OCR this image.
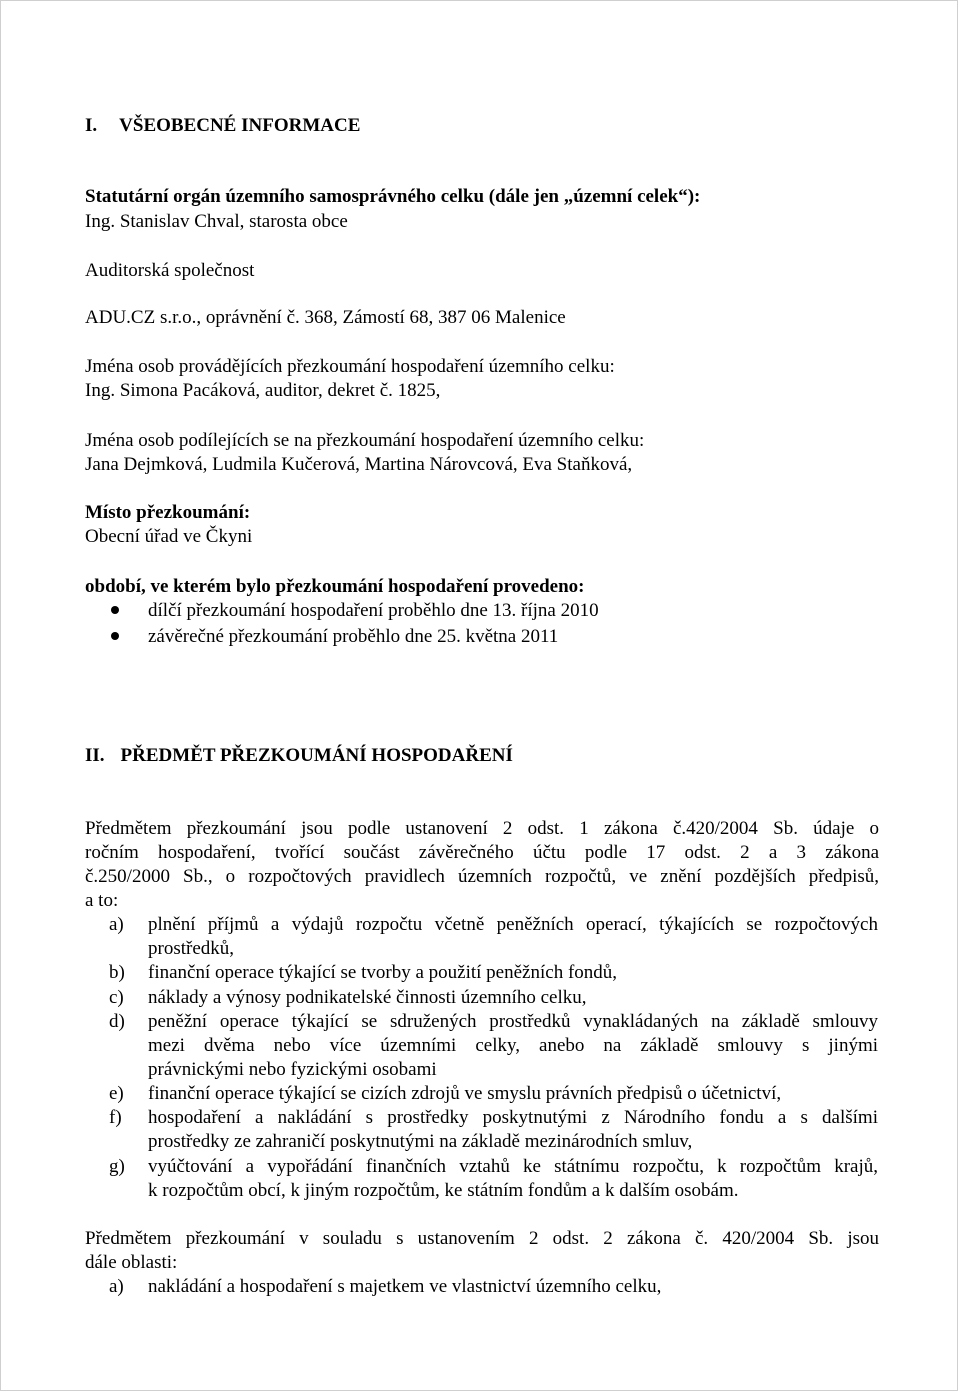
I. VŠEOBECNÉ INFORMACE
Statutární orgán územního samosprávného celku (dále jen „územní celek“):
Ing. Stanislav Chval, starosta obce
Auditorská společnost
ADU.CZ s.r.o., oprávnění č. 368, Zámostí 68, 387 06 Malenice
Jména osob provádějících přezkoumání hospodaření územního celku:
Ing. Simona Pacáková, auditor, dekret č. 1825,
Jména osob podílejících se na přezkoumání hospodaření územního celku:
Jana Dejmková, Ludmila Kučerová, Martina Nárovcová, Eva Staňková,
Místo přezkoumání:
Obecní úřad ve Čkyni
období, ve kterém bylo přezkoumání hospodaření provedeno:
dílčí přezkoumání hospodaření proběhlo dne 13. října 2010
závěrečné přezkoumání proběhlo dne 25. května 2011
II. PŘEDMĚT PŘEZKOUMÁNÍ HOSPODAŘENÍ
Předmětem přezkoumání jsou podle ustanovení 2 odst. 1 zákona č.420/2004 Sb. údaje o
ročním hospodaření, tvořící součást závěrečného účtu podle 17 odst. 2 a 3 zákona
č.250/2000 Sb., o rozpočtových pravidlech územních rozpočtů, ve znění pozdějších předpisů,
a to:
a) plnění příjmů a výdajů rozpočtu včetně peněžních operací, týkajících se rozpočtových
prostředků,
b) finanční operace týkající se tvorby a použití peněžních fondů,
c) náklady a výnosy podnikatelské činnosti územního celku,
d) peněžní operace týkající se sdružených prostředků vynakládaných na základě smlouvy
mezi dvěma nebo více územními celky, anebo na základě smlouvy s jinými
právnickými nebo fyzickými osobami
e) finanční operace týkající se cizích zdrojů ve smyslu právních předpisů o účetnictví,
f) hospodaření a nakládání s prostředky poskytnutými z Národního fondu a s dalšími
prostředky ze zahraničí poskytnutými na základě mezinárodních smluv,
g) vyúčtování a vypořádání finančních vztahů ke státnímu rozpočtu, k rozpočtům krajů,
k rozpočtům obcí, k jiným rozpočtům, ke státním fondům a k dalším osobám.
Předmětem přezkoumání v souladu s ustanovením 2 odst. 2 zákona č. 420/2004 Sb. jsou
dále oblasti:
a) nakládání a hospodaření s majetkem ve vlastnictví územního celku,
